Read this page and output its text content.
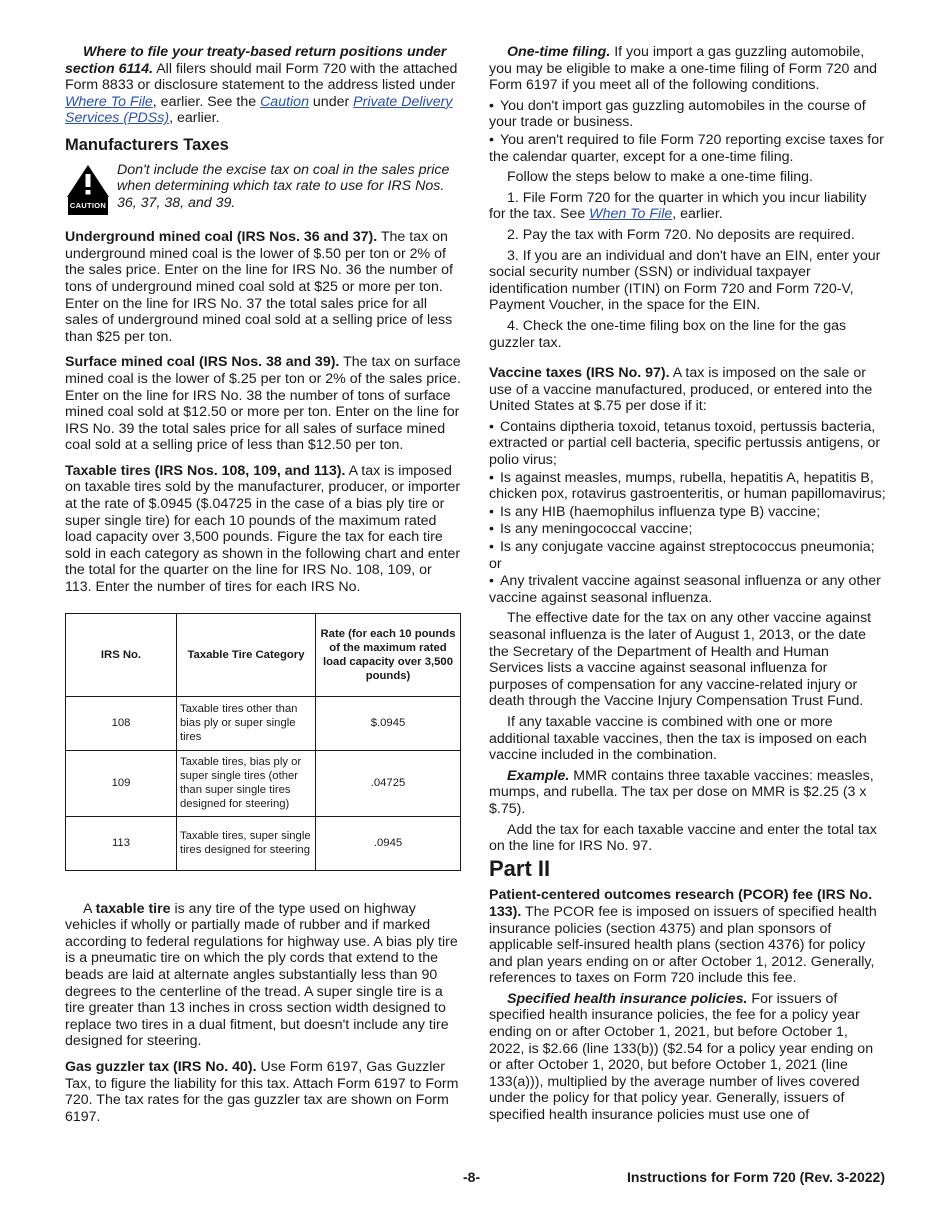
Where to file your treaty-based return positions under section 6114. All filers should mail Form 720 with the attached Form 8833 or disclosure statement to the address listed under Where To File, earlier. See the Caution under Private Delivery Services (PDSs), earlier.

Manufacturers Taxes
CAUTION
Don't include the excise tax on coal in the sales price when determining which tax rate to use for IRS Nos. 36, 37, 38, and 39.

Underground mined coal (IRS Nos. 36 and 37). The tax on underground mined coal is the lower of $.50 per ton or 2% of the sales price. Enter on the line for IRS No. 36 the number of tons of underground mined coal sold at $25 or more per ton. Enter on the line for IRS No. 37 the total sales price for all sales of underground mined coal sold at a selling price of less than $25 per ton.

Surface mined coal (IRS Nos. 38 and 39). The tax on surface mined coal is the lower of $.25 per ton or 2% of the sales price. Enter on the line for IRS No. 38 the number of tons of surface mined coal sold at $12.50 or more per ton. Enter on the line for IRS No. 39 the total sales price for all sales of surface mined coal sold at a selling price of less than $12.50 per ton.

Taxable tires (IRS Nos. 108, 109, and 113). A tax is imposed on taxable tires sold by the manufacturer, producer, or importer at the rate of $.0945 ($.04725 in the case of a bias ply tire or super single tire) for each 10 pounds of the maximum rated load capacity over 3,500 pounds. Figure the tax for each tire sold in each category as shown in the following chart and enter the total for the quarter on the line for IRS No. 108, 109, or 113. Enter the number of tires for each IRS No.

IRS No.	Taxable Tire Category	Rate (for each 10 pounds of the maximum rated load capacity over 3,500 pounds)
108	Taxable tires other than bias ply or super single tires	$.0945
109	Taxable tires, bias ply or super single tires (other than super single tires designed for steering)	.04725
113	Taxable tires, super single tires designed for steering	.0945

A taxable tire is any tire of the type used on highway vehicles if wholly or partially made of rubber and if marked according to federal regulations for highway use. A bias ply tire is a pneumatic tire on which the ply cords that extend to the beads are laid at alternate angles substantially less than 90 degrees to the centerline of the tread. A super single tire is a tire greater than 13 inches in cross section width designed to replace two tires in a dual fitment, but doesn't include any tire designed for steering.

Gas guzzler tax (IRS No. 40). Use Form 6197, Gas Guzzler Tax, to figure the liability for this tax. Attach Form 6197 to Form 720. The tax rates for the gas guzzler tax are shown on Form 6197.

One-time filing. If you import a gas guzzling automobile, you may be eligible to make a one-time filing of Form 720 and Form 6197 if you meet all of the following conditions.

• You don't import gas guzzling automobiles in the course of your trade or business.
• You aren't required to file Form 720 reporting excise taxes for the calendar quarter, except for a one-time filing.

Follow the steps below to make a one-time filing.

1. File Form 720 for the quarter in which you incur liability for the tax. See When To File, earlier.

2. Pay the tax with Form 720. No deposits are required.

3. If you are an individual and don't have an EIN, enter your social security number (SSN) or individual taxpayer identification number (ITIN) on Form 720 and Form 720-V, Payment Voucher, in the space for the EIN.

4. Check the one-time filing box on the line for the gas guzzler tax.

Vaccine taxes (IRS No. 97). A tax is imposed on the sale or use of a vaccine manufactured, produced, or entered into the United States at $.75 per dose if it:

• Contains diptheria toxoid, tetanus toxoid, pertussis bacteria, extracted or partial cell bacteria, specific pertussis antigens, or polio virus;
• Is against measles, mumps, rubella, hepatitis A, hepatitis B, chicken pox, rotavirus gastroenteritis, or human papillomavirus;
• Is any HIB (haemophilus influenza type B) vaccine;
• Is any meningococcal vaccine;
• Is any conjugate vaccine against streptococcus pneumonia; or
• Any trivalent vaccine against seasonal influenza or any other vaccine against seasonal influenza.

The effective date for the tax on any other vaccine against seasonal influenza is the later of August 1, 2013, or the date the Secretary of the Department of Health and Human Services lists a vaccine against seasonal influenza for purposes of compensation for any vaccine-related injury or death through the Vaccine Injury Compensation Trust Fund.

If any taxable vaccine is combined with one or more additional taxable vaccines, then the tax is imposed on each vaccine included in the combination.

Example. MMR contains three taxable vaccines: measles, mumps, and rubella. The tax per dose on MMR is $2.25 (3 x $.75).

Add the tax for each taxable vaccine and enter the total tax on the line for IRS No. 97.

Part II

Patient-centered outcomes research (PCOR) fee (IRS No. 133). The PCOR fee is imposed on issuers of specified health insurance policies (section 4375) and plan sponsors of applicable self-insured health plans (section 4376) for policy and plan years ending on or after October 1, 2012. Generally, references to taxes on Form 720 include this fee.

Specified health insurance policies. For issuers of specified health insurance policies, the fee for a policy year ending on or after October 1, 2021, but before October 1, 2022, is $2.66 (line 133(b)) ($2.54 for a policy year ending on or after October 1, 2020, but before October 1, 2021 (line 133(a))), multiplied by the average number of lives covered under the policy for that policy year. Generally, issuers of specified health insurance policies must use one of

-8-	Instructions for Form 720 (Rev. 3-2022)
